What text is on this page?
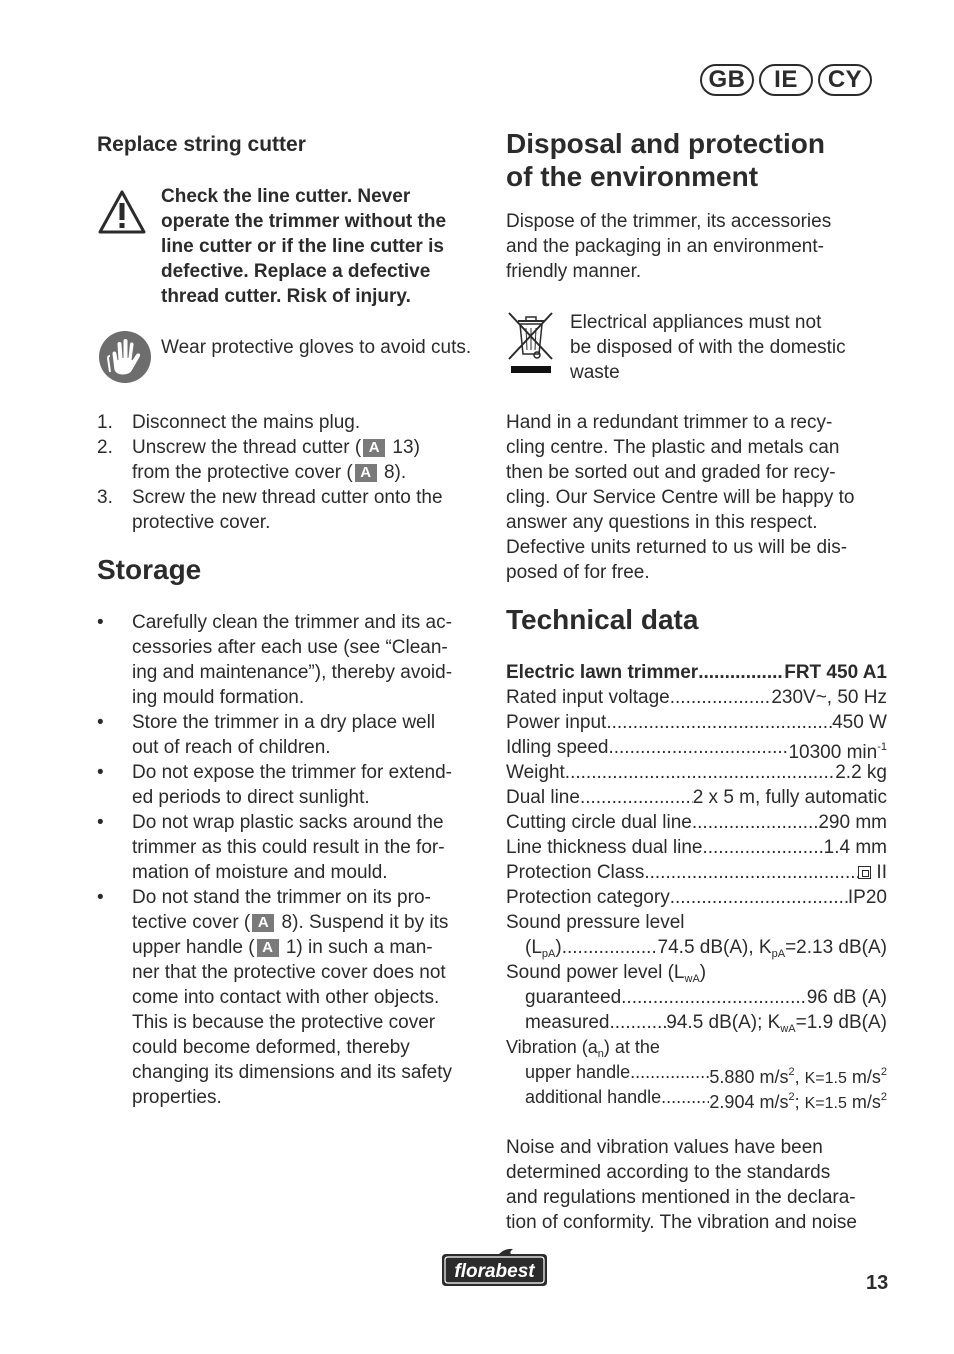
GB	IE	CY
Replace string cutter
Check the line cutter. Never operate the trimmer without the line cutter or if the line cutter is defective. Replace a defective thread cutter. Risk of injury.
Wear protective gloves to avoid cuts.
1.	Disconnect the mains plug.
2.	Unscrew the thread cutter ( A 13)
from the protective cover ( A 8).
3.	Screw the new thread cutter onto the
protective cover.
Storage
•	Carefully clean the trimmer and its ac-
cessories after each use (see “Clean-
ing and maintenance”), thereby avoid-
ing mould formation.
•	Store the trimmer in a dry place well
out of reach of children.
•	Do not expose the trimmer for extend-
ed periods to direct sunlight.
•	Do not wrap plastic sacks around the
trimmer as this could result in the for-
mation of moisture and mould.
•	Do not stand the trimmer on its pro-
tective cover ( A 8). Suspend it by its
upper handle ( A 1) in such a man-
ner that the protective cover does not
come into contact with other objects.
This is because the protective cover
could become deformed, thereby
changing its dimensions and its safety
properties.
Disposal and protection
of the environment
Dispose of the trimmer, its accessories
and the packaging in an environment-
friendly manner.
Electrical appliances must not
be disposed of with the domestic
waste
Hand in a redundant trimmer to a recy-
cling centre. The plastic and metals can
then be sorted out and graded for recy-
cling. Our Service Centre will be happy to
answer any questions in this respect.
Defective units returned to us will be dis-
posed of for free.
Technical data
Electric lawn trimmer .....	FRT 450 A1
Rated input voltage .....	230V~, 50 Hz
Power input .....	450 W
Idling speed .....	10300 $\min^{-1}$
Weight .....	2.2 kg
Dual line .....	2 x 5 m, fully automatic
Cutting circle dual line .....	290 mm
Line thickness dual line .....	1.4 mm
Protection Class .....	II
Protection category .....	IP20
Sound pressure level
$(L_{pA})$ .....	74.5 dB(A), $K_{pA}=2.13$ dB(A)
Sound power level $(L_{wA})$
guaranteed .....	96 dB (A)
measured .....	94.5 dB(A); $K_{wA}=1.9$ dB(A)
Vibration $(a_n)$ at the
upper handle .....	5.880 $m/s^2$, K=1.5 $m/s^2$
additional handle .....	2.904 $m/s^2$; K=1.5 $m/s^2$
Noise and vibration values have been
determined according to the standards
and regulations mentioned in the declara-
tion of conformity. The vibration and noise
florabest
13
